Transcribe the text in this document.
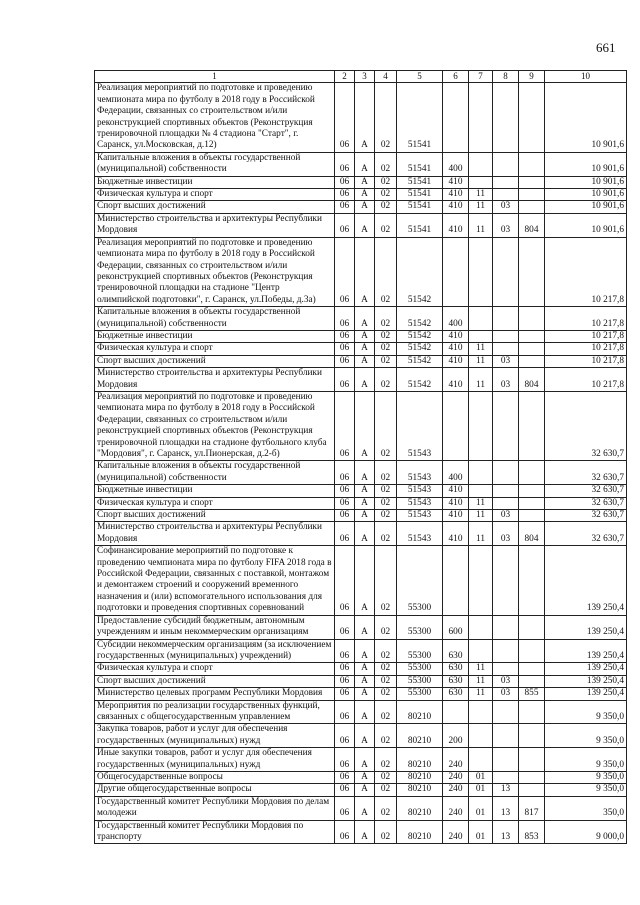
661
1	2	3	4	5	6	7	8	9	10
Реализация мероприятий по подготовке и проведению чемпионата мира по футболу в 2018 году в Российской Федерации, связанных со строительством и/или реконструкцией спортивных объектов (Реконструкция тренировочной площадки № 4 стадиона "Старт", г. Саранск, ул.Московская, д.12)	06	А	02	51541					10 901,6
Капитальные вложения в объекты государственной (муниципальной) собственности	06	А	02	51541	400				10 901,6
Бюджетные инвестиции	06	А	02	51541	410				10 901,6
Физическая культура и спорт	06	А	02	51541	410	11			10 901,6
Спорт высших достижений	06	А	02	51541	410	11	03		10 901,6
Министерство строительства и архитектуры Республики Мордовия	06	А	02	51541	410	11	03	804	10 901,6
Реализация мероприятий по подготовке и проведению чемпионата мира по футболу в 2018 году в Российской Федерации, связанных со строительством и/или реконструкцией спортивных объектов (Реконструкция тренировочной площадки на стадионе "Центр олимпийской подготовки", г. Саранск, ул.Победы, д.3а)	06	А	02	51542					10 217,8
Капитальные вложения в объекты государственной (муниципальной) собственности	06	А	02	51542	400				10 217,8
Бюджетные инвестиции	06	А	02	51542	410				10 217,8
Физическая культура и спорт	06	А	02	51542	410	11			10 217,8
Спорт высших достижений	06	А	02	51542	410	11	03		10 217,8
Министерство строительства и архитектуры Республики Мордовия	06	А	02	51542	410	11	03	804	10 217,8
Реализация мероприятий по подготовке и проведению чемпионата мира по футболу в 2018 году в Российской Федерации, связанных со строительством и/или реконструкцией спортивных объектов (Реконструкция тренировочной площадки на стадионе футбольного клуба "Мордовия", г. Саранск, ул.Пионерская, д.2-б)	06	А	02	51543					32 630,7
Капитальные вложения в объекты государственной (муниципальной) собственности	06	А	02	51543	400				32 630,7
Бюджетные инвестиции	06	А	02	51543	410				32 630,7
Физическая культура и спорт	06	А	02	51543	410	11			32 630,7
Спорт высших достижений	06	А	02	51543	410	11	03		32 630,7
Министерство строительства и архитектуры Республики Мордовия	06	А	02	51543	410	11	03	804	32 630,7
Софинансирование мероприятий по подготовке к проведению чемпионата мира по футболу FIFA 2018 года в Российской Федерации, связанных с поставкой, монтажом и демонтажем строений и сооружений временного назначения и (или) вспомогательного использования для подготовки и проведения спортивных соревнований	06	А	02	55300					139 250,4
Предоставление субсидий бюджетным, автономным учреждениям и иным некоммерческим организациям	06	А	02	55300	600				139 250,4
Субсидии некоммерческим организациям (за исключением государственных (муниципальных) учреждений)	06	А	02	55300	630				139 250,4
Физическая культура и спорт	06	А	02	55300	630	11			139 250,4
Спорт высших достижений	06	А	02	55300	630	11	03		139 250,4
Министерство целевых программ Республики Мордовия	06	А	02	55300	630	11	03	855	139 250,4
Мероприятия по реализации государственных функций, связанных с общегосударственным управлением	06	А	02	80210					9 350,0
Закупка товаров, работ и услуг для обеспечения государственных (муниципальных) нужд	06	А	02	80210	200				9 350,0
Иные закупки товаров, работ и услуг для обеспечения государственных (муниципальных) нужд	06	А	02	80210	240				9 350,0
Общегосударственные вопросы	06	А	02	80210	240	01			9 350,0
Другие общегосударственные вопросы	06	А	02	80210	240	01	13		9 350,0
Государственный комитет Республики Мордовия по делам молодежи	06	А	02	80210	240	01	13	817	350,0
Государственный комитет Республики Мордовия по транспорту	06	А	02	80210	240	01	13	853	9 000,0
